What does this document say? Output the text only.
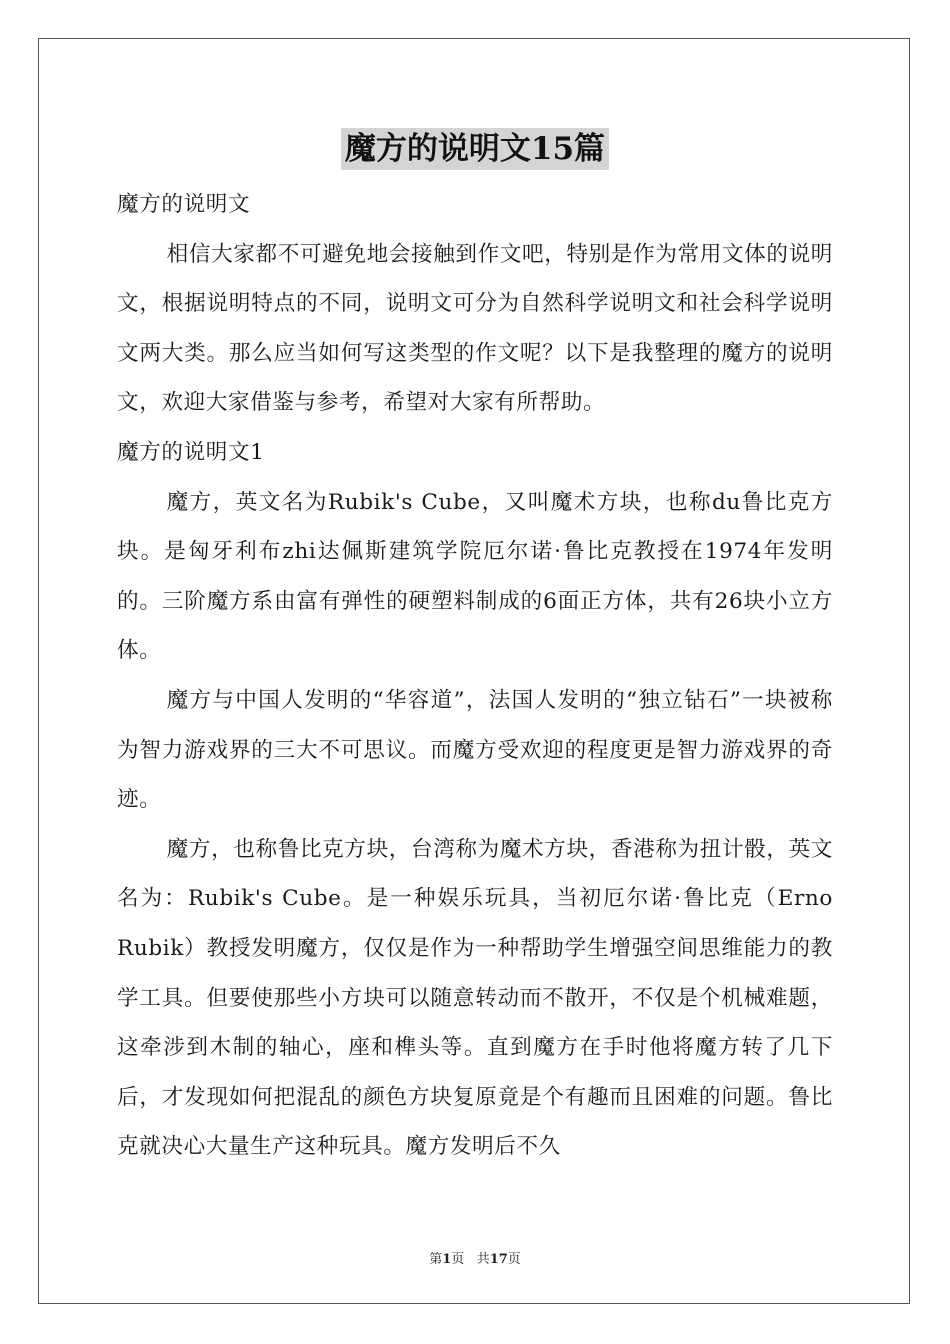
魔方的说明文15篇

魔方的说明文

相信大家都不可避免地会接触到作文吧，特别是作为常用文体的说明文，根据说明特点的不同，说明文可分为自然科学说明文和社会科学说明文两大类。那么应当如何写这类型的作文呢？以下是我整理的魔方的说明文，欢迎大家借鉴与参考，希望对大家有所帮助。

魔方的说明文1

魔方，英文名为Rubik's Cube，又叫魔术方块，也称du鲁比克方块。是匈牙利布zhi达佩斯建筑学院厄尔诺·鲁比克教授在1974年发明的。三阶魔方系由富有弹性的硬塑料制成的6面正方体，共有26块小立方体。

魔方与中国人发明的“华容道”，法国人发明的“独立钻石”一块被称为智力游戏界的三大不可思议。而魔方受欢迎的程度更是智力游戏界的奇迹。

魔方，也称鲁比克方块，台湾称为魔术方块，香港称为扭计骰，英文名为：Rubik's Cube。是一种娱乐玩具，当初厄尔诺·鲁比克（Erno Rubik）教授发明魔方，仅仅是作为一种帮助学生增强空间思维能力的教学工具。但要使那些小方块可以随意转动而不散开，不仅是个机械难题，这牵涉到木制的轴心，座和榫头等。直到魔方在手时他将魔方转了几下后，才发现如何把混乱的颜色方块复原竟是个有趣而且困难的问题。鲁比克就决心大量生产这种玩具。魔方发明后不久

第1页 共17页
